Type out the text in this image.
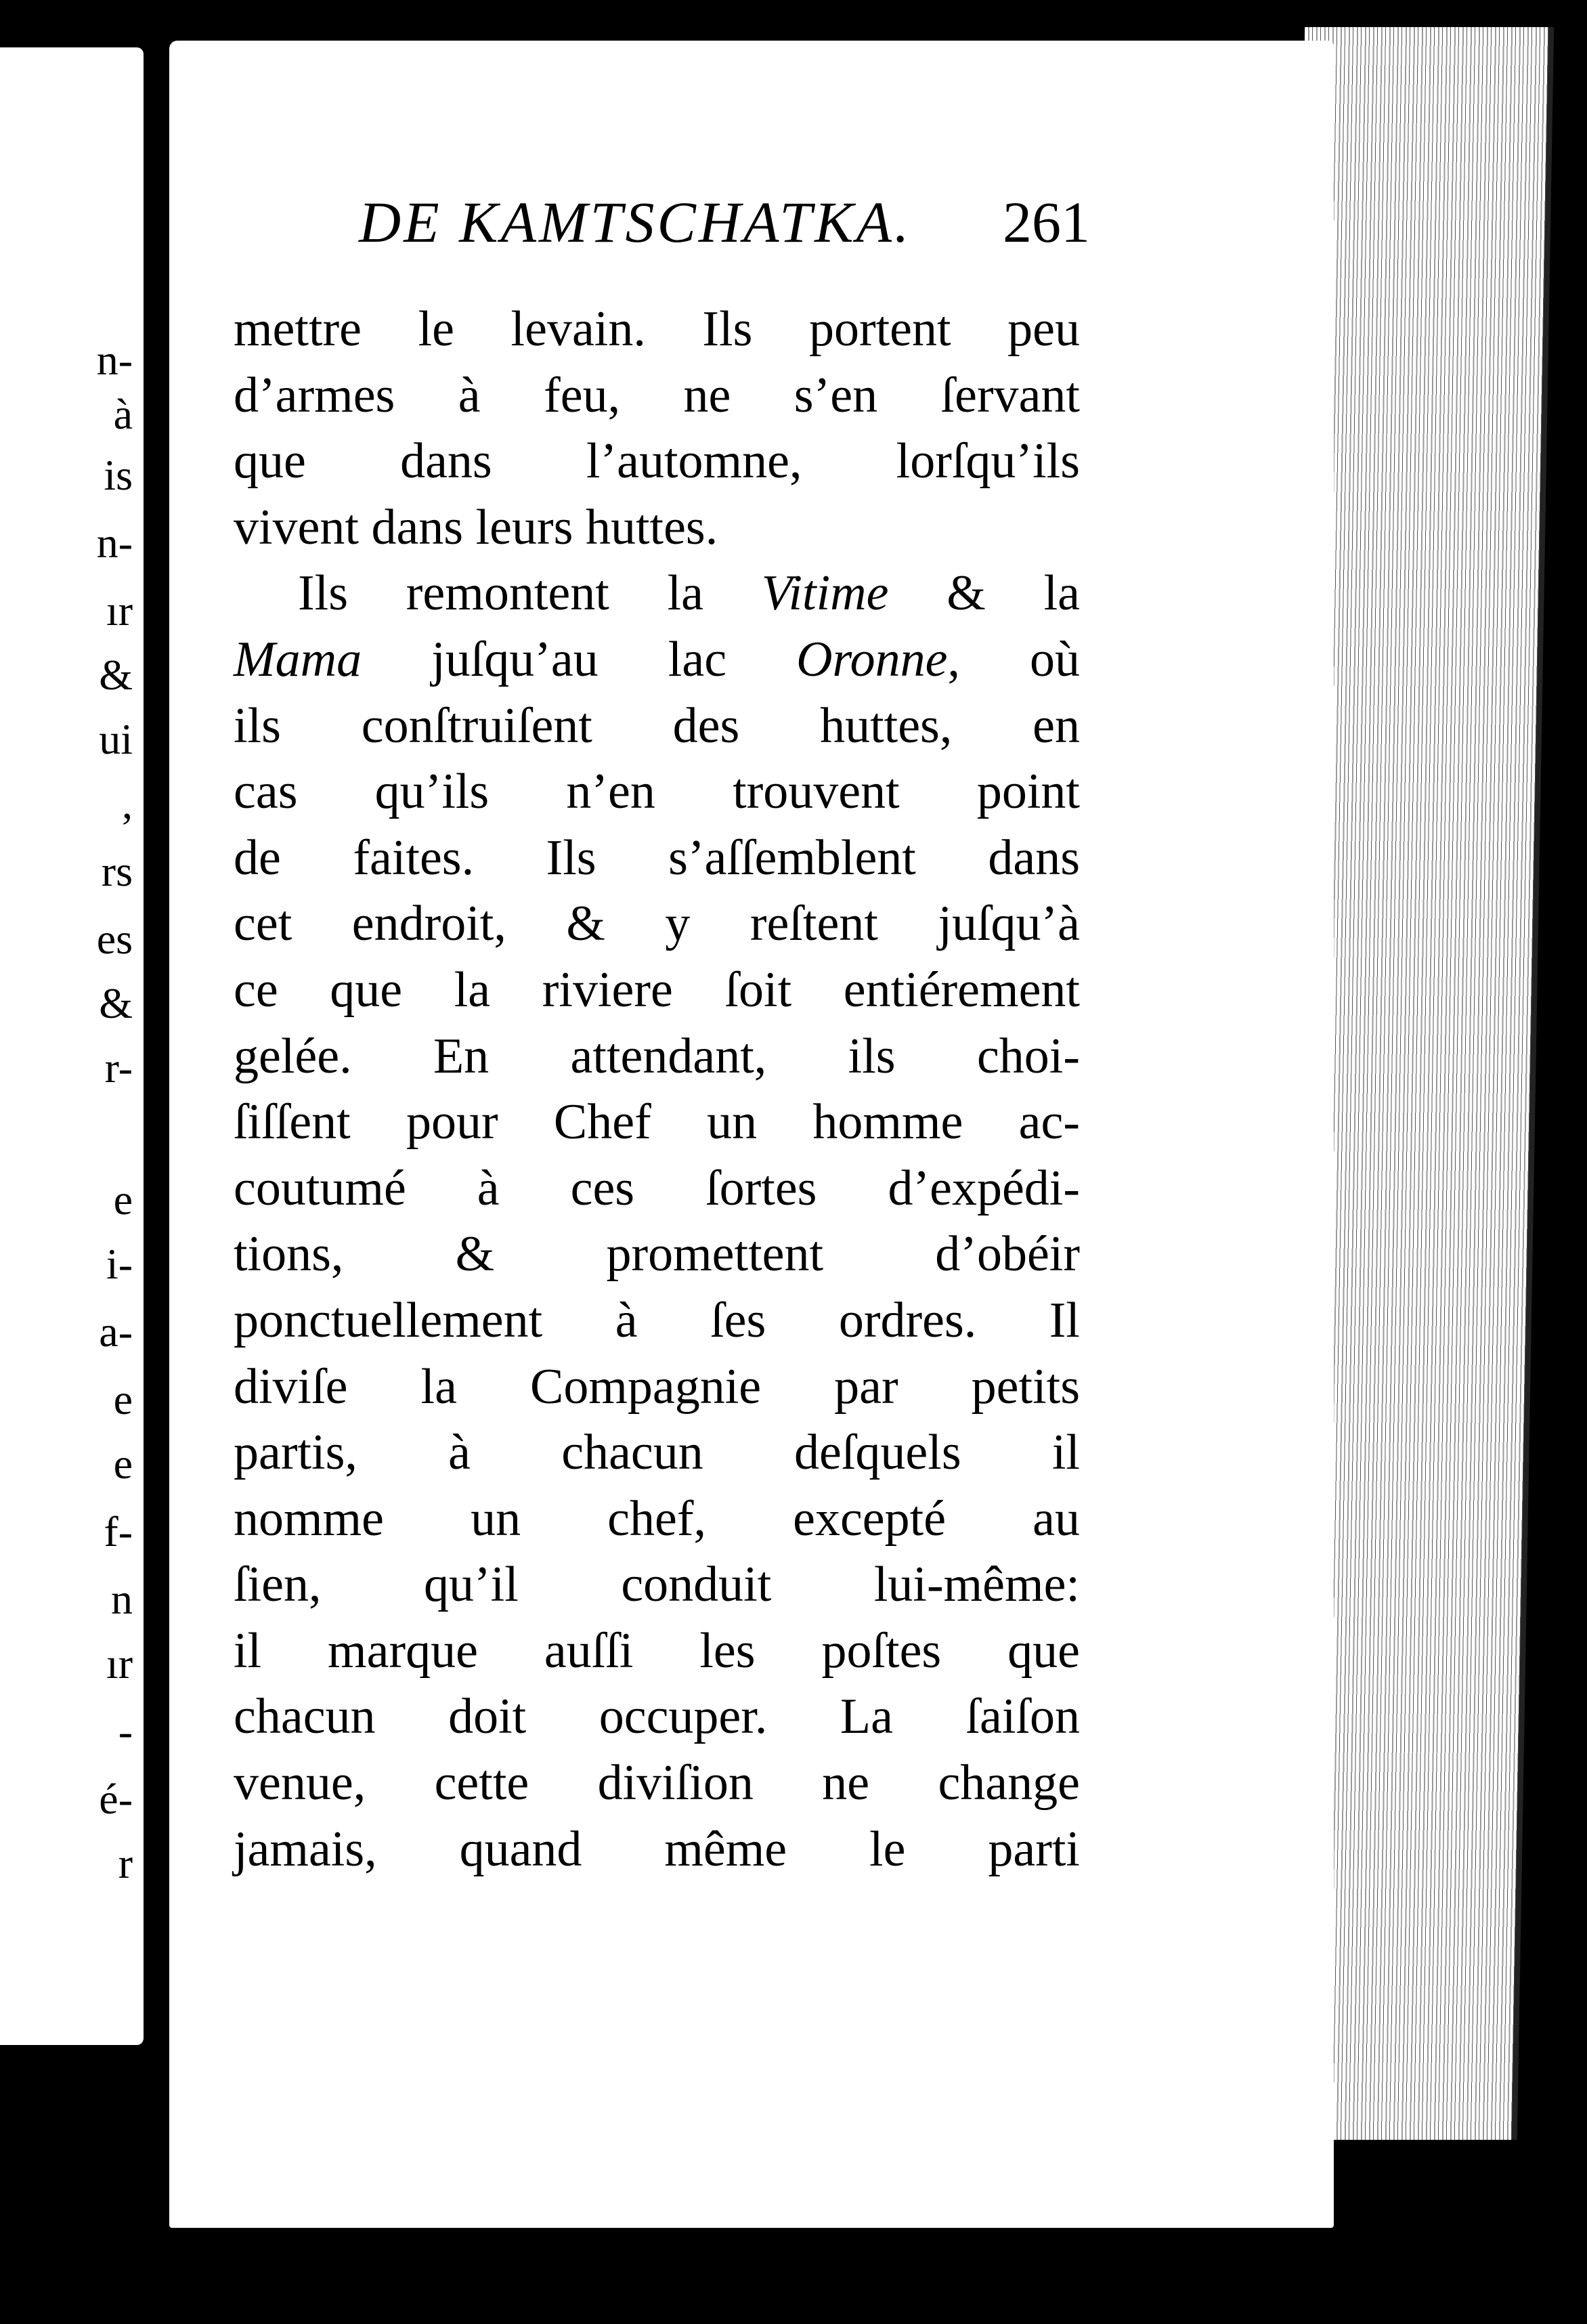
n-
à
is
n-
ır
&
ui
,
rs
es
&
r-
e
i-
a-
e
e
f-
n
ır
-
é-
r
DE KAMTSCHATKA. 261
mettre le levain. Ils portent peu
d’armes à feu, ne s’en ſervant
que dans l’automne, lorſqu’ils
vivent dans leurs huttes.
Ils remontent la Vitime & la
Mama juſqu’au lac Oronne, où
ils conſtruiſent des huttes, en
cas qu’ils n’en trouvent point
de faites. Ils s’aſſemblent dans
cet endroit, & y reſtent juſqu’à
ce que la riviere ſoit entiérement
gelée. En attendant, ils choi-
ſiſſent pour Chef un homme ac-
coutumé à ces ſortes d’expédi-
tions, & promettent d’obéir
ponctuellement à ſes ordres. Il
diviſe la Compagnie par petits
partis, à chacun deſquels il
nomme un chef, excepté au
ſien, qu’il conduit lui-même:
il marque auſſi les poſtes que
chacun doit occuper. La ſaiſon
venue, cette diviſion ne change
jamais, quand même le parti
